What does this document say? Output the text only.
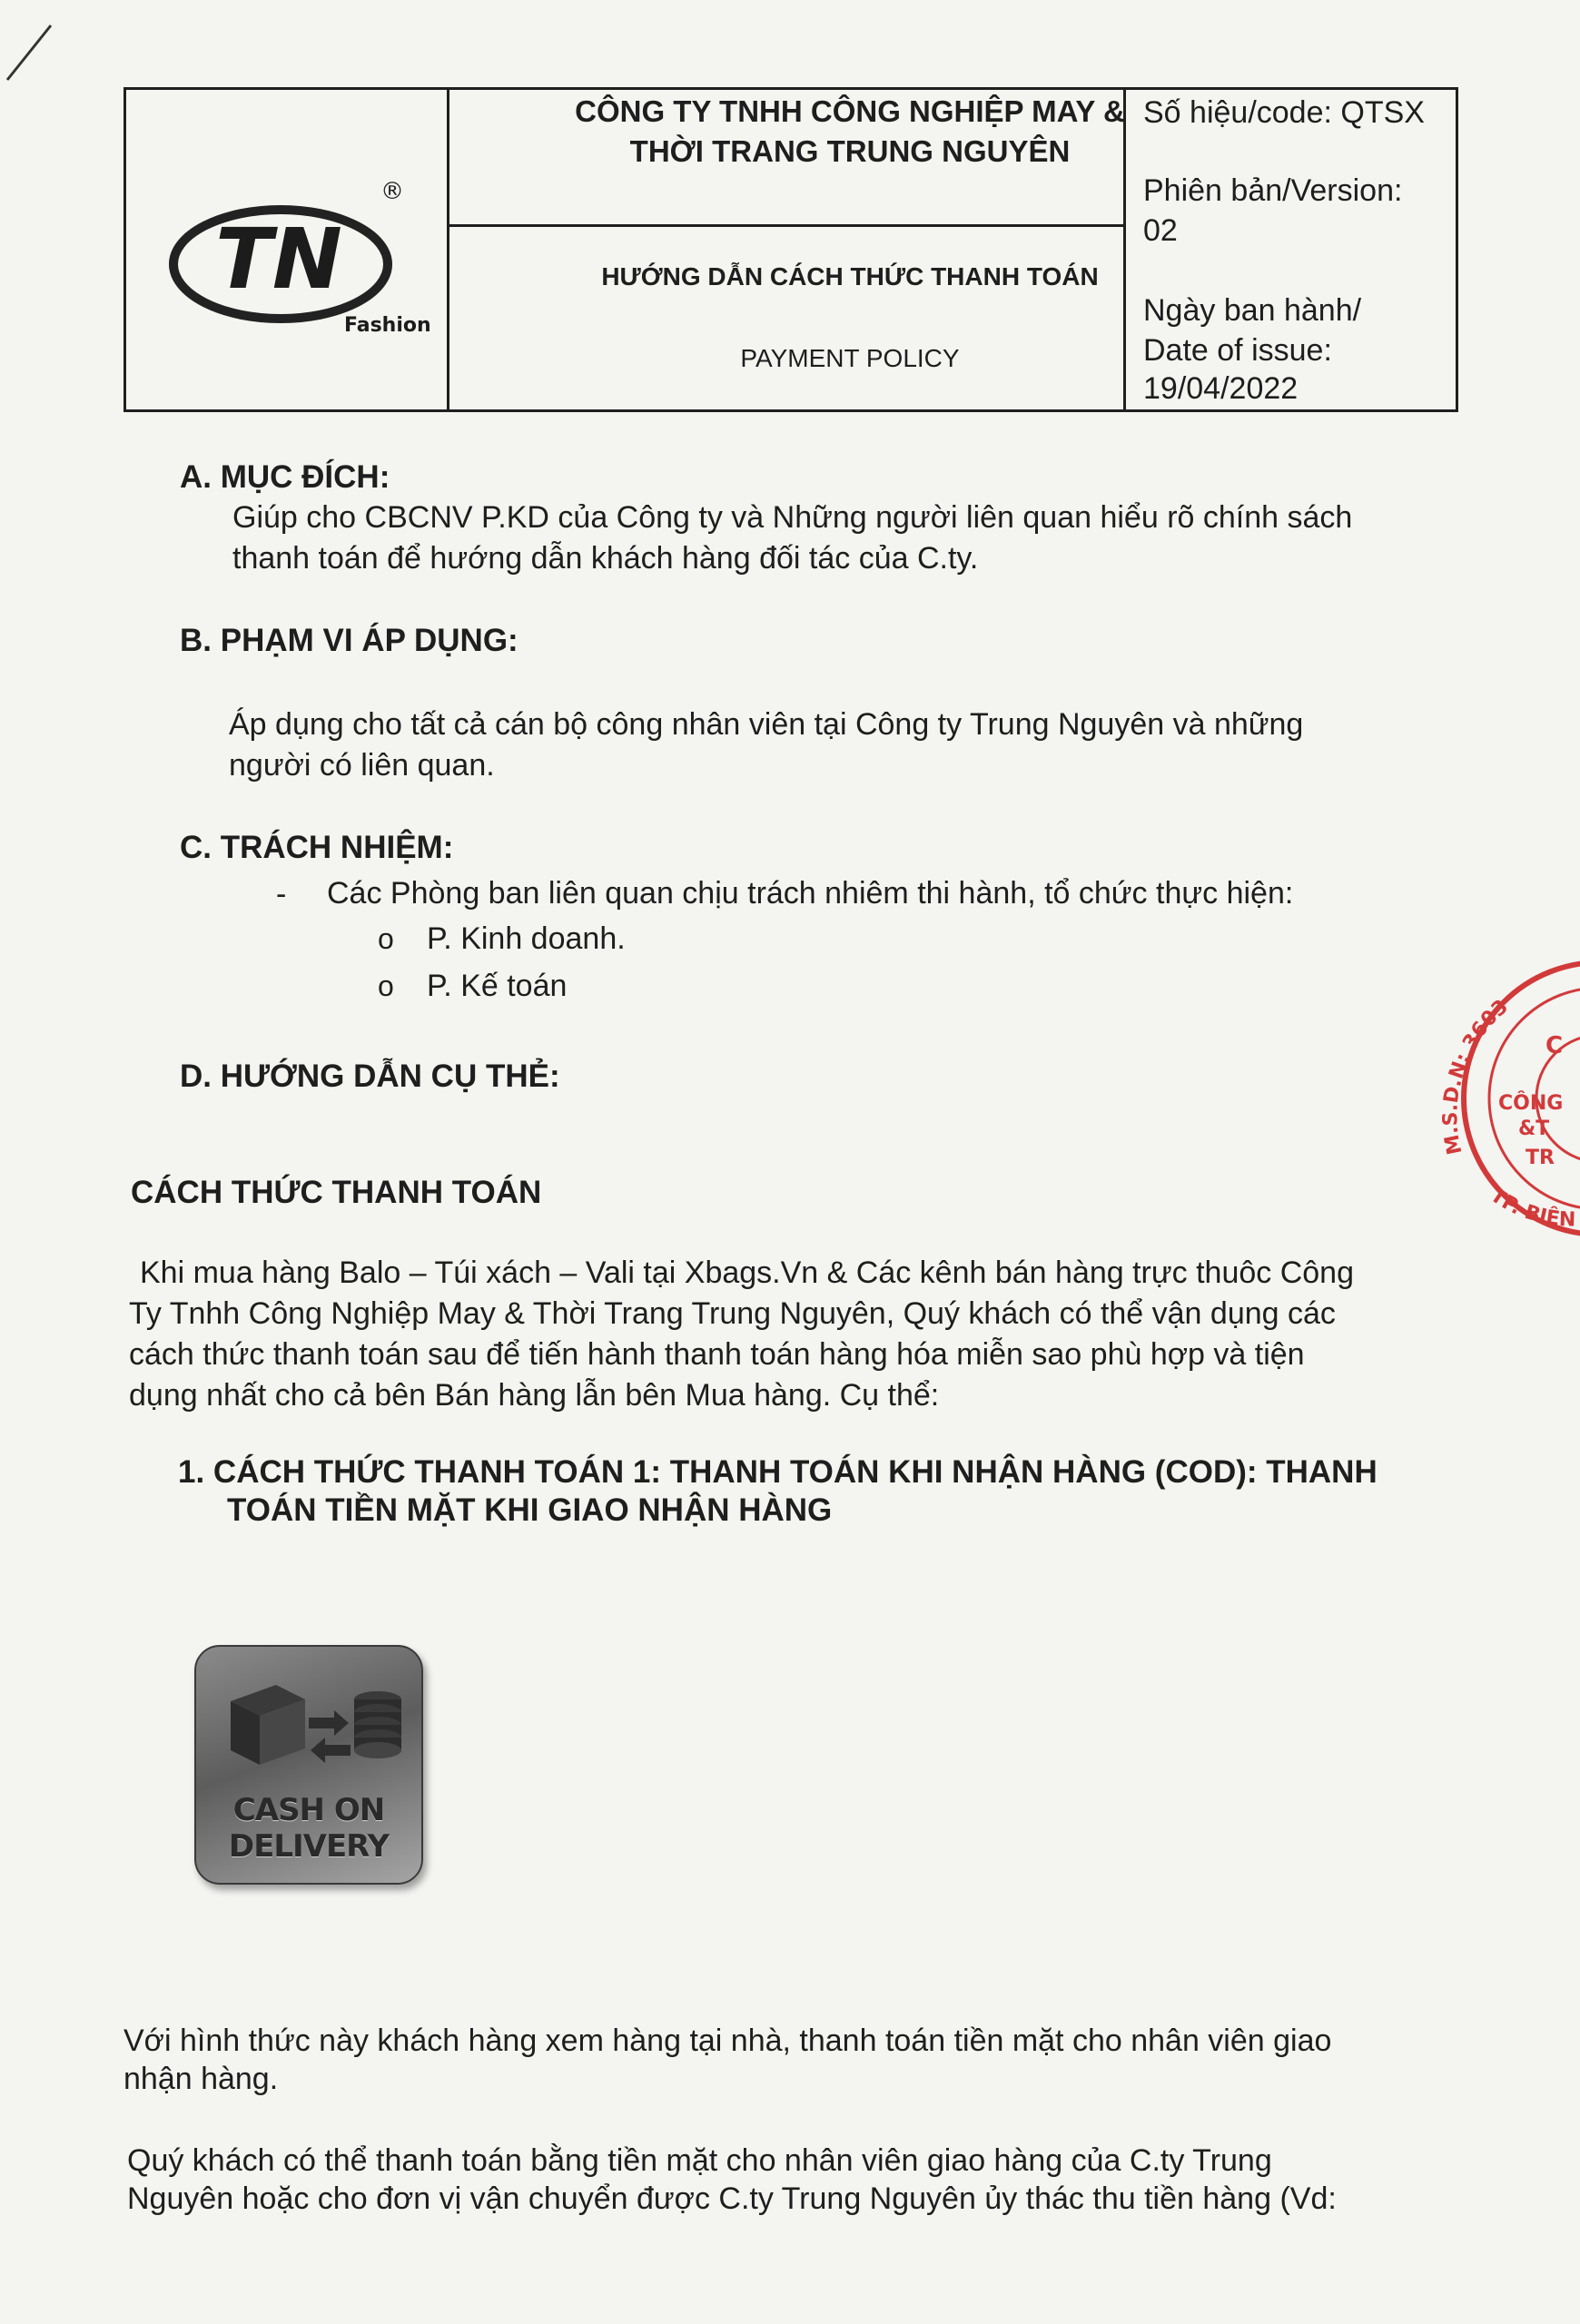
TN
Fashion
®
CÔNG TY TNHH CÔNG NGHIỆP MAY &
THỜI TRANG TRUNG NGUYÊN
HƯỚNG DẪN CÁCH THỨC THANH TOÁN
PAYMENT POLICY
Số hiệu/code: QTSX
Phiên bản/Version:
02
Ngày ban hành/
Date of issue:
19/04/2022
A. MỤC ĐÍCH:
Giúp cho CBCNV P.KD của Công ty và Những người liên quan hiểu rõ chính sách
thanh toán để hướng dẫn khách hàng đối tác của C.ty.
B. PHẠM VI ÁP DỤNG:
Áp dụng cho tất cả cán bộ công nhân viên tại Công ty Trung Nguyên và những
người có liên quan.
C. TRÁCH NHIỆM:
- Các Phòng ban liên quan chịu trách nhiêm thi hành, tổ chức thực hiện:
o P. Kinh doanh.
o P. Kế toán
D. HƯỚNG DẪN CỤ THẺ:
CÁCH THỨC THANH TOÁN
Khi mua hàng Balo – Túi xách – Vali tại Xbags.Vn & Các kênh bán hàng trực thuôc Công
Ty Tnhh Công Nghiệp May & Thời Trang Trung Nguyên, Quý khách có thể vận dụng các
cách thức thanh toán sau để tiến hành thanh toán hàng hóa miễn sao phù hợp và tiện
dụng nhất cho cả bên Bán hàng lẫn bên Mua hàng. Cụ thể:
1. CÁCH THỨC THANH TOÁN 1: THANH TOÁN KHI NHẬN HÀNG (COD): THANH
TOÁN TIỀN MẶT KHI GIAO NHẬN HÀNG
CASH ON
DELIVERY
Với hình thức này khách hàng xem hàng tại nhà, thanh toán tiền mặt cho nhân viên giao
nhận hàng.
Quý khách có thể thanh toán bằng tiền mặt cho nhân viên giao hàng của C.ty Trung
Nguyên hoặc cho đơn vị vận chuyển được C.ty Trung Nguyên ủy thác thu tiền hàng (Vd:
M.S.D.N: 3603
TP. BIÊN
C
CÔNG
&T
TR
